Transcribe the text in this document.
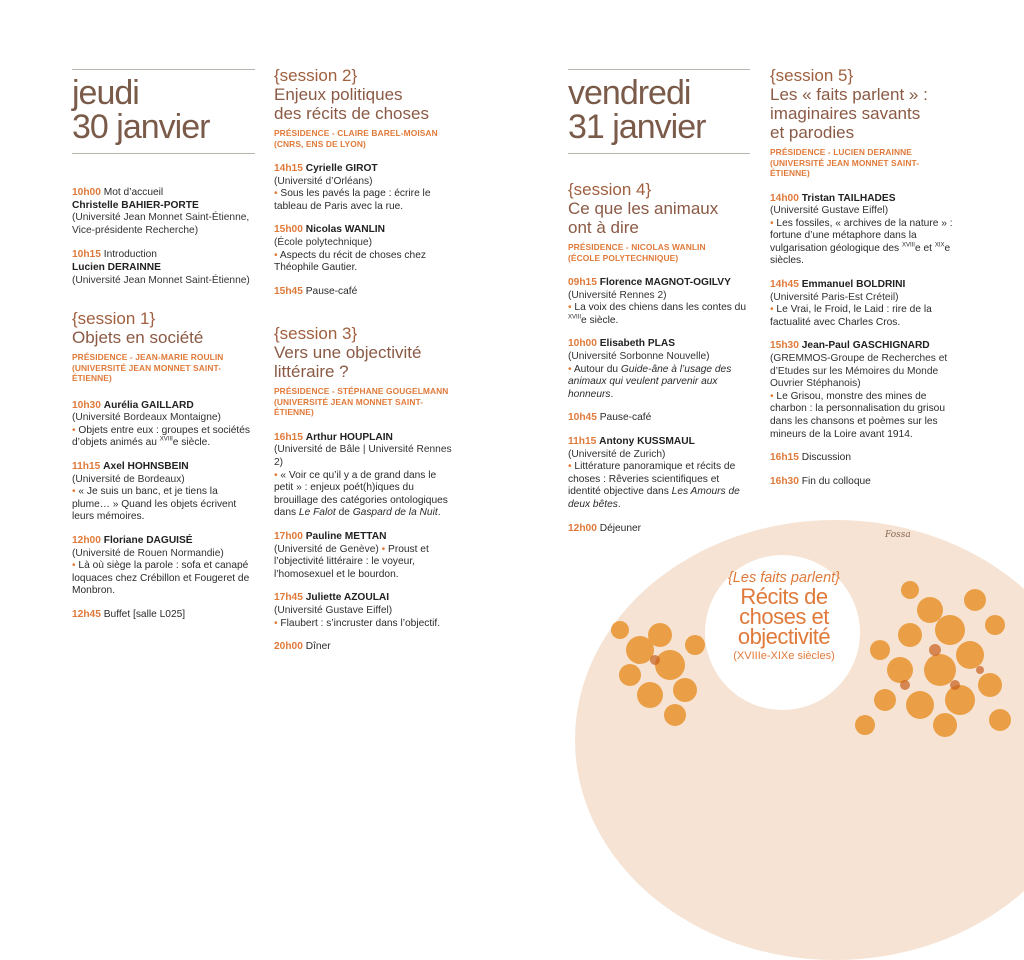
Fossa
{Les faits parlent}
Récits de
choses et
objectivité
(XVIIIe-XIXe siècles)
jeudi
30 janvier
10h00 Mot d’accueil
Christelle BAHIER-PORTE
(Université Jean Monnet Saint-Étienne, Vice-présidente Recherche)
10h15 Introduction
Lucien DERAINNE
(Université Jean Monnet Saint-Étienne)
{session 1}
Objets en société
PRÉSIDENCE - JEAN-MARIE ROULIN
(UNIVERSITÉ JEAN MONNET SAINT-ÉTIENNE)
10h30 Aurélia GAILLARD
(Université Bordeaux Montaigne)
• Objets entre eux : groupes et sociétés d’objets animés au $^{XVIII}$e siècle.
11h15 Axel HOHNSBEIN
(Université de Bordeaux)
• « Je suis un banc, et je tiens la plume… » Quand les objets écrivent leurs mémoires.
12h00 Floriane DAGUISÉ
(Université de Rouen Normandie)
• Là où siège la parole : sofa et canapé loquaces chez Crébillon et Fougeret de Monbron.
12h45 Buffet [salle L025]
{session 2}
Enjeux politiques
des récits de choses
PRÉSIDENCE - CLAIRE BAREL-MOISAN
(CNRS, ENS DE LYON)
14h15 Cyrielle GIROT
(Université d’Orléans)
• Sous les pavés la page : écrire le tableau de Paris avec la rue.
15h00 Nicolas WANLIN
(École polytechnique)
• Aspects du récit de choses chez Théophile Gautier.
15h45 Pause-café
{session 3}
Vers une objectivité
littéraire ?
PRÉSIDENCE - STÉPHANE GOUGELMANN
(UNIVERSITÉ JEAN MONNET SAINT-ÉTIENNE)
16h15 Arthur HOUPLAIN
(Université de Bâle | Université Rennes 2)
• « Voir ce qu’il y a de grand dans le petit » : enjeux poét(h)iques du brouillage des catégories ontologiques dans Le Falot de Gaspard de la Nuit.
17h00 Pauline METTAN
(Université de Genève) • Proust et l’objectivité littéraire : le voyeur, l’homosexuel et le bourdon.
17h45 Juliette AZOULAI
(Université Gustave Eiffel)
• Flaubert : s’incruster dans l’objectif.
20h00 Dîner
vendredi
31 janvier
{session 4}
Ce que les animaux
ont à dire
PRÉSIDENCE - NICOLAS WANLIN
(ÉCOLE POLYTECHNIQUE)
09h15 Florence MAGNOT-OGILVY (Université Rennes 2)
• La voix des chiens dans les contes du $^{XVIII}$e siècle.
10h00 Elisabeth PLAS
(Université Sorbonne Nouvelle)
• Autour du Guide-âne à l’usage des animaux qui veulent parvenir aux honneurs.
10h45 Pause-café
11h15 Antony KUSSMAUL
(Université de Zurich)
• Littérature panoramique et récits de choses : Rêveries scientifiques et identité objective dans Les Amours de deux bêtes.
12h00 Déjeuner
{session 5}
Les « faits parlent » :
imaginaires savants
et parodies
PRÉSIDENCE - LUCIEN DERAINNE
(UNIVERSITÉ JEAN MONNET SAINT-ÉTIENNE)
14h00 Tristan TAILHADES
(Université Gustave Eiffel)
• Les fossiles, « archives de la nature » : fortune d’une métaphore dans la vulgarisation géologique des $^{XVIII}$e et $^{XIX}$e siècles.
14h45 Emmanuel BOLDRINI
(Université Paris-Est Créteil)
• Le Vrai, le Froid, le Laid : rire de la factualité avec Charles Cros.
15h30 Jean-Paul GASCHIGNARD
(GREMMOS-Groupe de Recherches et d’Etudes sur les Mémoires du Monde Ouvrier Stéphanois)
• Le Grisou, monstre des mines de charbon : la personnalisation du grisou dans les chansons et poèmes sur les mineurs de la Loire avant 1914.
16h15 Discussion
16h30 Fin du colloque
